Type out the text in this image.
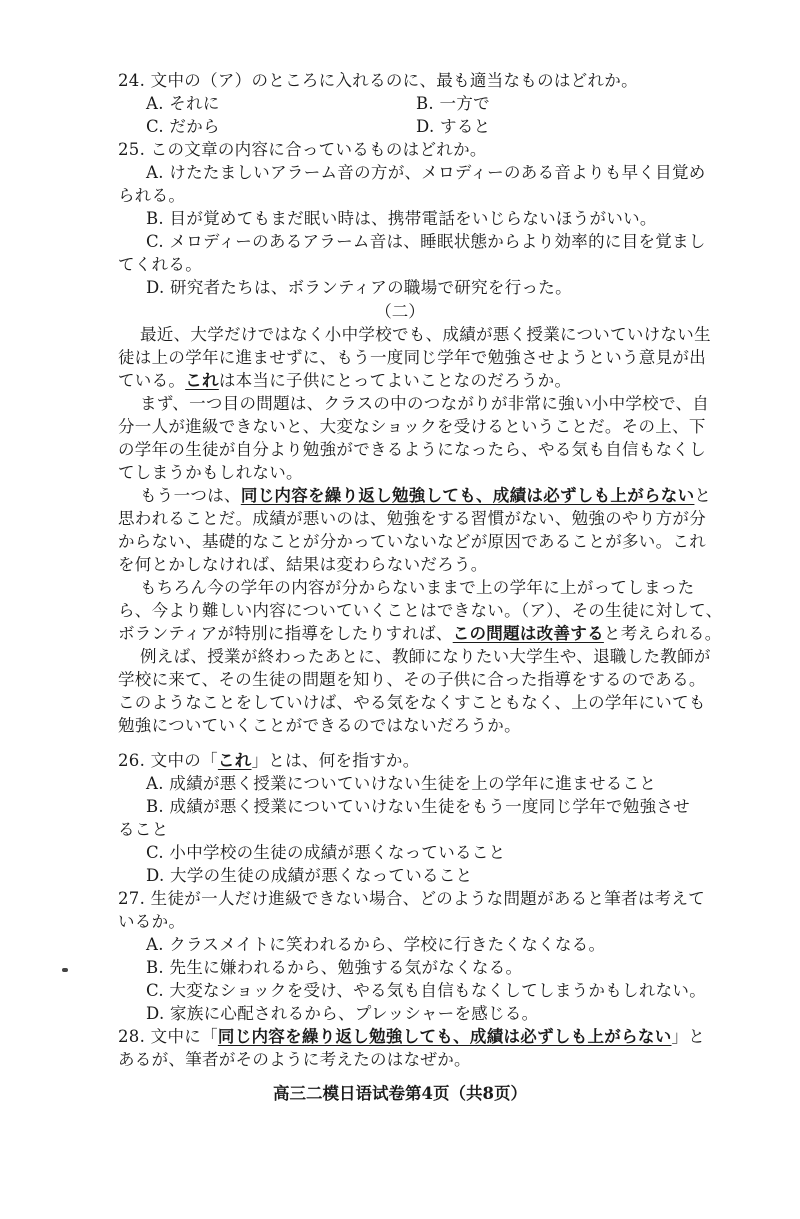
24. 文中の（ア）のところに入れるのに、最も適当なものはどれか。
A. それに	B. 一方で
C. だから	D. すると
25. この文章の内容に合っているものはどれか。
A. けたたましいアラーム音の方が、メロディーのある音よりも早く目覚め
られる。
B. 目が覚めてもまだ眠い時は、携帯電話をいじらないほうがいい。
C. メロディーのあるアラーム音は、睡眠状態からより効率的に目を覚まし
てくれる。
D. 研究者たちは、ボランティアの職場で研究を行った。
（二）
最近、大学だけではなく小中学校でも、成績が悪く授業についていけない生
徒は上の学年に進ませずに、もう一度同じ学年で勉強させようという意見が出
ている。これは本当に子供にとってよいことなのだろうか。
まず、一つ目の問題は、クラスの中のつながりが非常に強い小中学校で、自
分一人が進級できないと、大変なショックを受けるということだ。その上、下
の学年の生徒が自分より勉強ができるようになったら、やる気も自信もなくし
てしまうかもしれない。
もう一つは、同じ内容を繰り返し勉強しても、成績は必ずしも上がらないと
思われることだ。成績が悪いのは、勉強をする習慣がない、勉強のやり方が分
からない、基礎的なことが分かっていないなどが原因であることが多い。これ
を何とかしなければ、結果は変わらないだろう。
もちろん今の学年の内容が分からないままで上の学年に上がってしまった
ら、今より難しい内容についていくことはできない。（ア）、その生徒に対して、
ボランティアが特別に指導をしたりすれば、この問題は改善すると考えられる。
例えば、授業が終わったあとに、教師になりたい大学生や、退職した教師が
学校に来て、その生徒の問題を知り、その子供に合った指導をするのである。
このようなことをしていけば、やる気をなくすこともなく、上の学年にいても
勉強についていくことができるのではないだろうか。
26. 文中の「これ」とは、何を指すか。
A. 成績が悪く授業についていけない生徒を上の学年に進ませること
B. 成績が悪く授業についていけない生徒をもう一度同じ学年で勉強させ
ること
C. 小中学校の生徒の成績が悪くなっていること
D. 大学の生徒の成績が悪くなっていること
27. 生徒が一人だけ進級できない場合、どのような問題があると筆者は考えて
いるか。
A. クラスメイトに笑われるから、学校に行きたくなくなる。
B. 先生に嫌われるから、勉強する気がなくなる。
C. 大変なショックを受け、やる気も自信もなくしてしまうかもしれない。
D. 家族に心配されるから、プレッシャーを感じる。
28. 文中に「同じ内容を繰り返し勉強しても、成績は必ずしも上がらない」と
あるが、筆者がそのように考えたのはなぜか。
高三二模日语试卷第4页（共8页）
